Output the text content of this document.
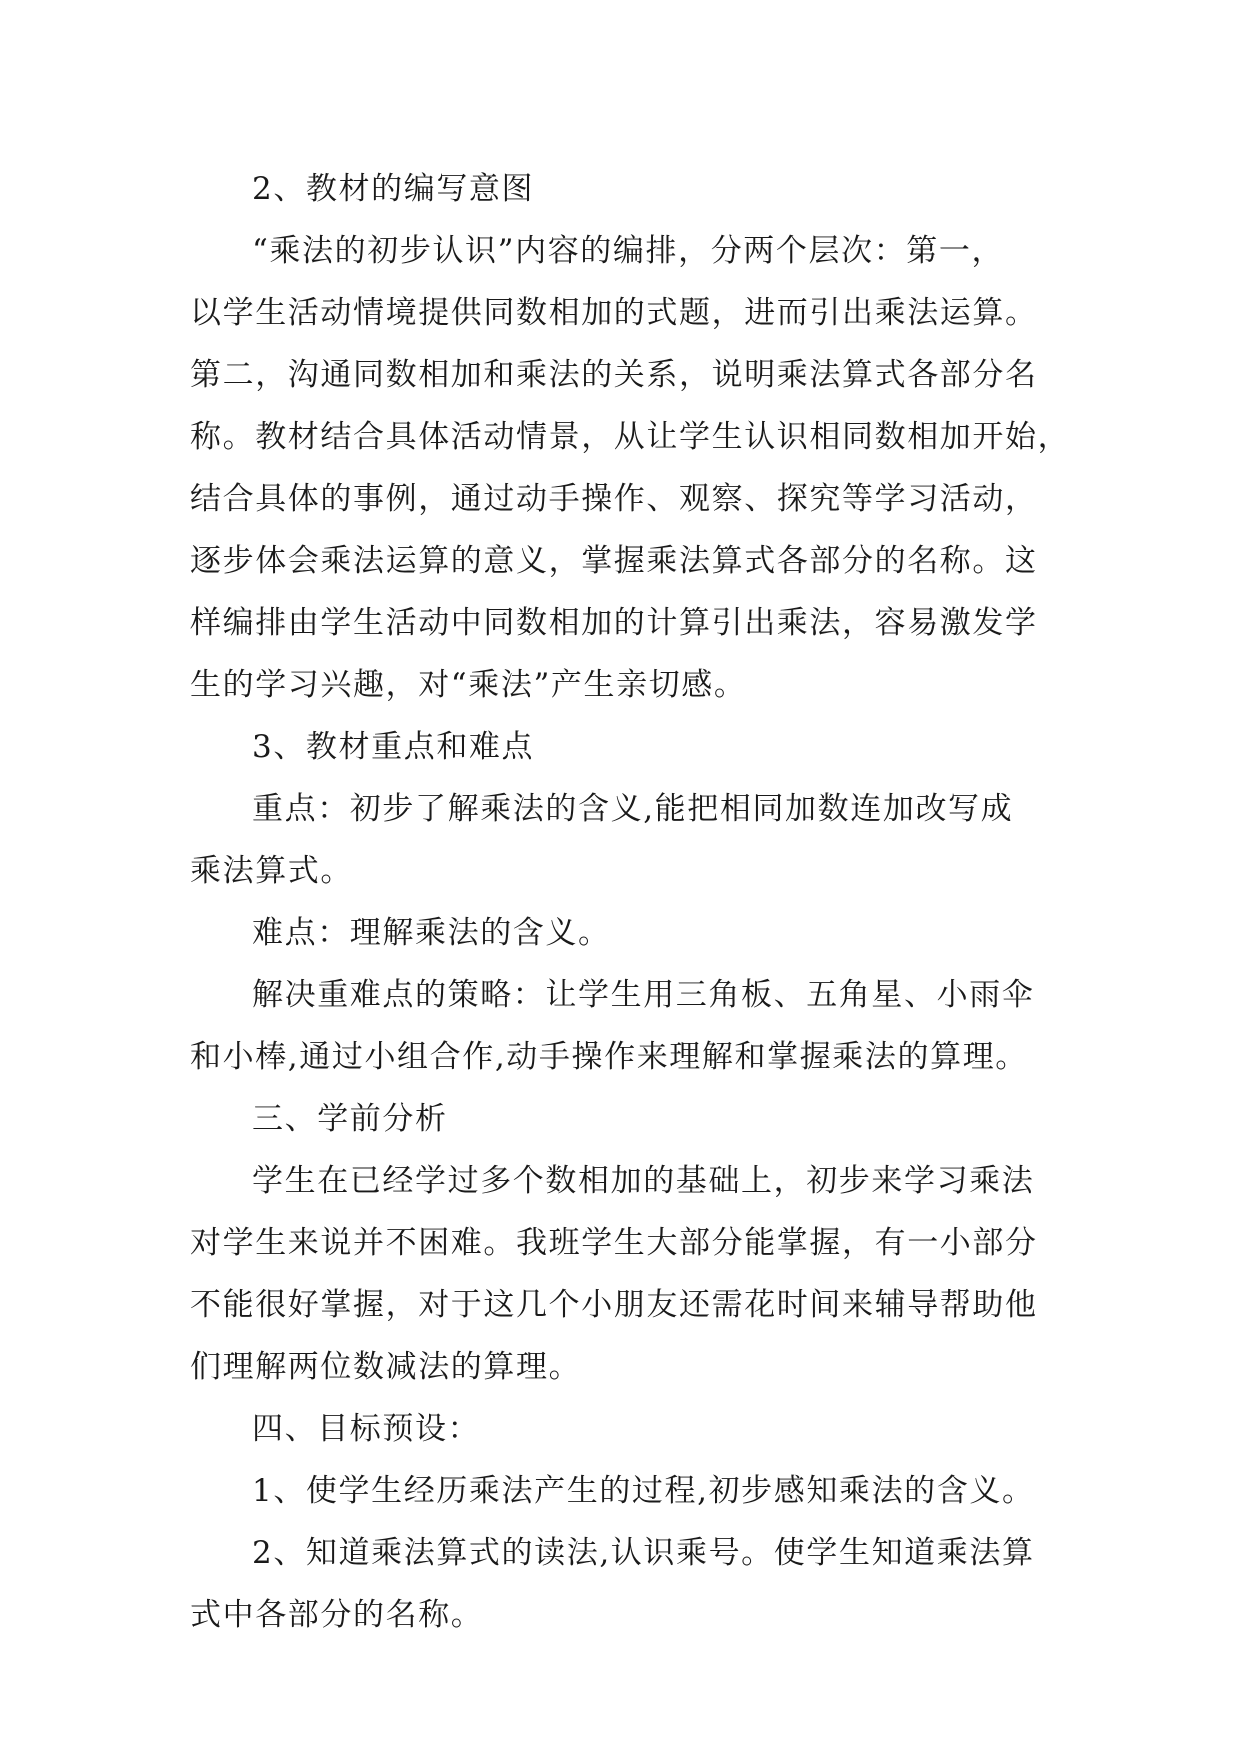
2、教材的编写意图
“乘法的初步认识”内容的编排，分两个层次：第一，
以学生活动情境提供同数相加的式题，进而引出乘法运算。
第二，沟通同数相加和乘法的关系，说明乘法算式各部分名
称。教材结合具体活动情景，从让学生认识相同数相加开始，
结合具体的事例，通过动手操作、观察、探究等学习活动，
逐步体会乘法运算的意义，掌握乘法算式各部分的名称。这
样编排由学生活动中同数相加的计算引出乘法，容易激发学
生的学习兴趣，对“乘法”产生亲切感。
3、教材重点和难点
重点：初步了解乘法的含义,能把相同加数连加改写成
乘法算式。
难点：理解乘法的含义。
解决重难点的策略：让学生用三角板、五角星、小雨伞
和小棒,通过小组合作,动手操作来理解和掌握乘法的算理。
三、学前分析
学生在已经学过多个数相加的基础上，初步来学习乘法
对学生来说并不困难。我班学生大部分能掌握，有一小部分
不能很好掌握，对于这几个小朋友还需花时间来辅导帮助他
们理解两位数减法的算理。
四、目标预设：
1、使学生经历乘法产生的过程,初步感知乘法的含义。
2、知道乘法算式的读法,认识乘号。使学生知道乘法算
式中各部分的名称。
